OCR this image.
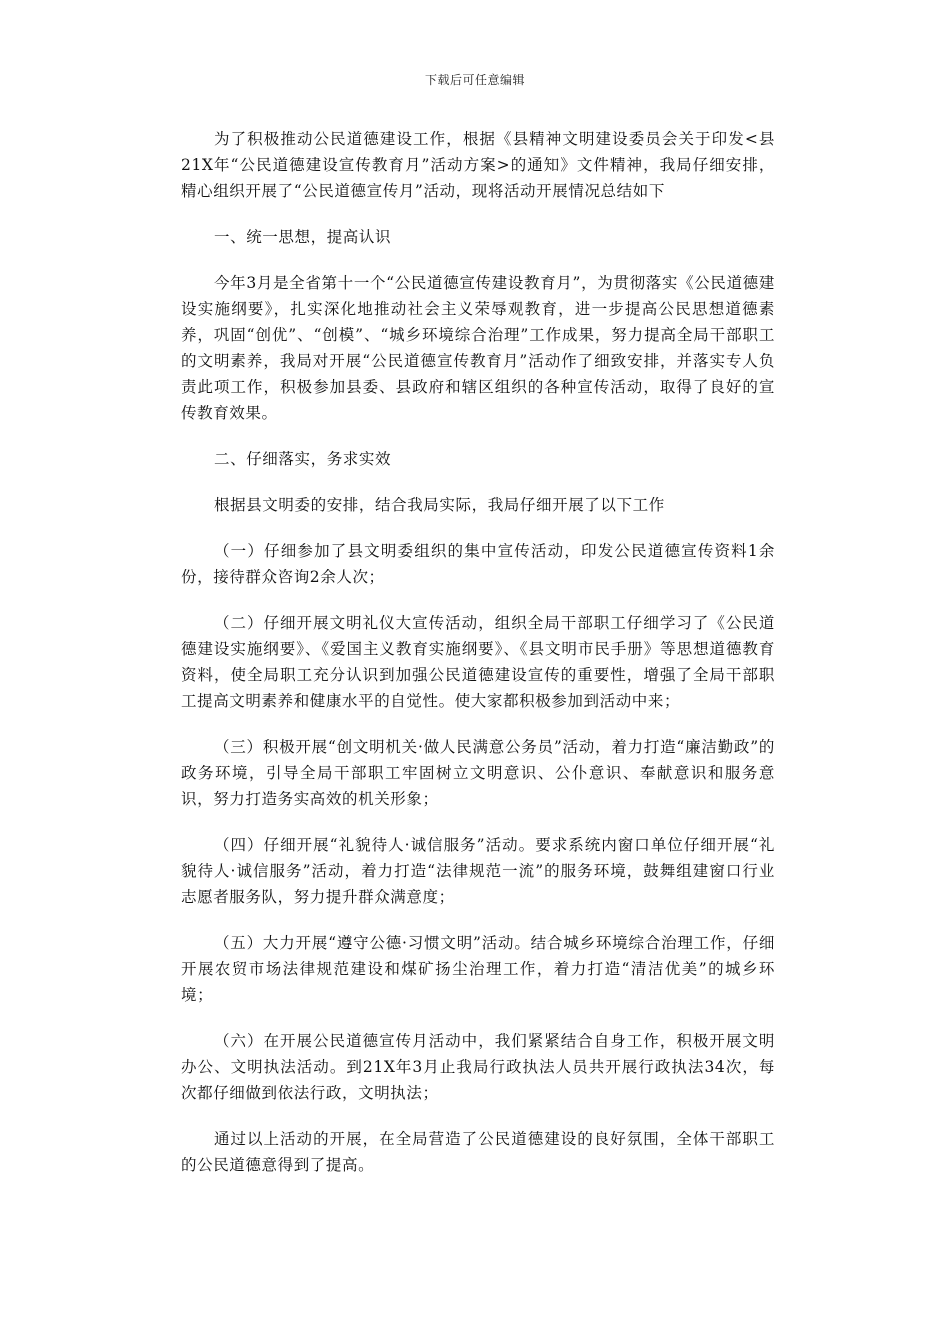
下载后可任意编辑

为了积极推动公民道德建设工作，根据《县精神文明建设委员会关于印发<县21X年“公民道德建设宣传教育月”活动方案>的通知》文件精神，我局仔细安排，精心组织开展了“公民道德宣传月”活动，现将活动开展情况总结如下

一、统一思想，提高认识

今年3月是全省第十一个“公民道德宣传建设教育月”，为贯彻落实《公民道德建设实施纲要》，扎实深化地推动社会主义荣辱观教育，进一步提高公民思想道德素养，巩固“创优”、“创模”、“城乡环境综合治理”工作成果，努力提高全局干部职工的文明素养，我局对开展“公民道德宣传教育月”活动作了细致安排，并落实专人负责此项工作，积极参加县委、县政府和辖区组织的各种宣传活动，取得了良好的宣传教育效果。

二、仔细落实，务求实效

根据县文明委的安排，结合我局实际，我局仔细开展了以下工作

（一）仔细参加了县文明委组织的集中宣传活动，印发公民道德宣传资料1余份，接待群众咨询2余人次；

（二）仔细开展文明礼仪大宣传活动，组织全局干部职工仔细学习了《公民道德建设实施纲要》、《爱国主义教育实施纲要》、《县文明市民手册》等思想道德教育资料，使全局职工充分认识到加强公民道德建设宣传的重要性，增强了全局干部职工提高文明素养和健康水平的自觉性。使大家都积极参加到活动中来；

（三）积极开展“创文明机关·做人民满意公务员”活动，着力打造“廉洁勤政”的政务环境，引导全局干部职工牢固树立文明意识、公仆意识、奉献意识和服务意识，努力打造务实高效的机关形象；

（四）仔细开展“礼貌待人·诚信服务”活动。要求系统内窗口单位仔细开展“礼貌待人·诚信服务”活动，着力打造“法律规范一流”的服务环境，鼓舞组建窗口行业志愿者服务队，努力提升群众满意度；

（五）大力开展“遵守公德·习惯文明”活动。结合城乡环境综合治理工作，仔细开展农贸市场法律规范建设和煤矿扬尘治理工作，着力打造“清洁优美”的城乡环境；

（六）在开展公民道德宣传月活动中，我们紧紧结合自身工作，积极开展文明办公、文明执法活动。到21X年3月止我局行政执法人员共开展行政执法34次，每次都仔细做到依法行政，文明执法；

通过以上活动的开展，在全局营造了公民道德建设的良好氛围，全体干部职工的公民道德意得到了提高。
